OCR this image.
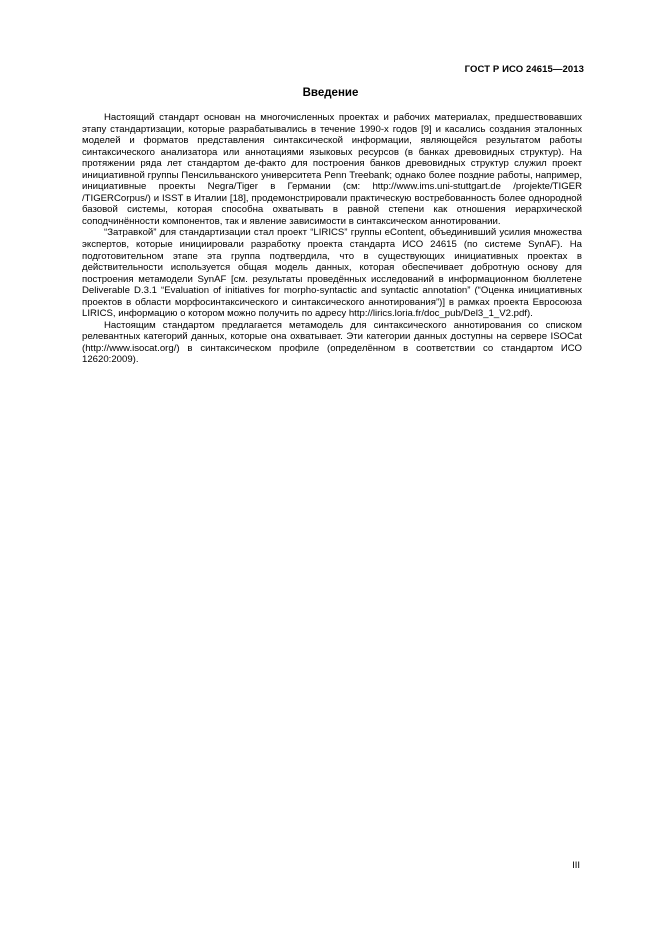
ГОСТ Р ИСО 24615—2013
Введение

Настоящий стандарт основан на многочисленных проектах и рабочих материалах, предшествовавших этапу стандартизации, которые разрабатывались в течение 1990-х годов [9] и касались создания эталонных моделей и форматов представления синтаксической информации, являющейся результатом работы синтаксического анализатора или аннотациями языковых ресурсов (в банках древовидных структур). На протяжении ряда лет стандартом де-факто для построения банков древовидных структур служил проект инициативной группы Пенсильванского университета Penn Treebank; однако более поздние работы, например, инициативные проекты Negra/Tiger в Германии (см: http://www.ims.uni-stuttgart.de /projekte/TIGER /TIGERCorpus/) и ISST в Италии [18], продемонстрировали практическую востребованность более однородной базовой системы, которая способна охватывать в равной степени как отношения иерархической соподчинённости компонентов, так и явление зависимости в синтаксическом аннотировании.

“Затравкой” для стандартизации стал проект “LIRICS” группы eContent, объединивший усилия множества экспертов, которые инициировали разработку проекта стандарта ИСО 24615 (по системе SynAF). На подготовительном этапе эта группа подтвердила, что в существующих инициативных проектах в действительности используется общая модель данных, которая обеспечивает добротную основу для построения метамодели SynAF [см. результаты проведённых исследований в информационном бюллетене Deliverable D.3.1 “Evaluation of initiatives for morpho-syntactic and syntactic annotation” (“Оценка инициативных проектов в области морфосинтаксического и синтаксического аннотирования”)] в рамках проекта Евросоюза LIRICS, информацию о котором можно получить по адресу http://lirics.loria.fr/doc_pub/Del3_1_V2.pdf).

Настоящим стандартом предлагается метамодель для синтаксического аннотирования со списком релевантных категорий данных, которые она охватывает. Эти категории данных доступны на сервере ISOCat (http://www.isocat.org/) в синтаксическом профиле (определённом в соответствии со стандартом ИСО 12620:2009).

III
